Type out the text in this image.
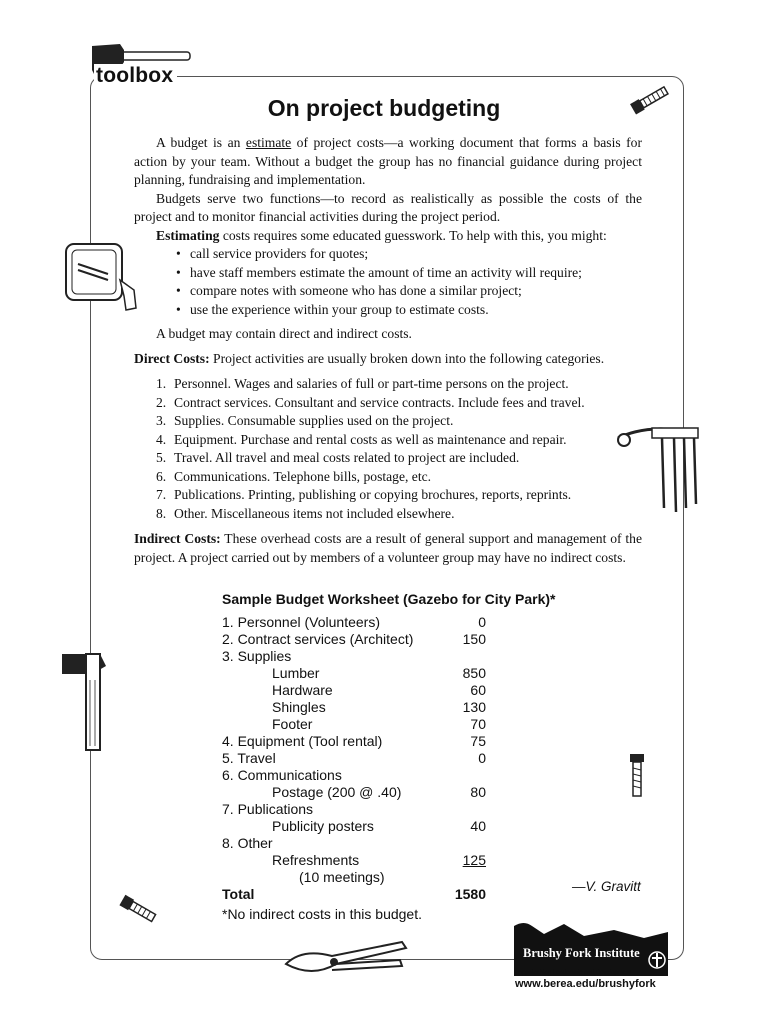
toolbox
On project budgeting

A budget is an estimate of project costs—a working document that forms a basis for action by your team. Without a budget the group has no financial guidance during project planning, fundraising and implementation.

Budgets serve two functions—to record as realistically as possible the costs of the project and to monitor financial activities during the project period.

Estimating costs requires some educated guesswork. To help with this, you might:

• call service providers for quotes;
• have staff members estimate the amount of time an activity will require;
• compare notes with someone who has done a similar project;
• use the experience within your group to estimate costs.

A budget may contain direct and indirect costs.

Direct Costs: Project activities are usually broken down into the following categories.

1. Personnel. Wages and salaries of full or part-time persons on the project.
2. Contract services. Consultant and service contracts. Include fees and travel.
3. Supplies. Consumable supplies used on the project.
4. Equipment. Purchase and rental costs as well as maintenance and repair.
5. Travel. All travel and meal costs related to project are included.
6. Communications. Telephone bills, postage, etc.
7. Publications. Printing, publishing or copying brochures, reports, reprints.
8. Other. Miscellaneous items not included elsewhere.

Indirect Costs: These overhead costs are a result of general support and management of the project. A project carried out by members of a volunteer group may have no indirect costs.

Sample Budget Worksheet (Gazebo for City Park)*
1. Personnel (Volunteers)	0
2. Contract services (Architect)	150
3. Supplies
Lumber	850
Hardware	60
Shingles	130
Footer	70
4. Equipment (Tool rental)	75
5. Travel	0
6. Communications
Postage (200 @ .40)	80
7. Publications
Publicity posters	40
8. Other
Refreshments	125
(10 meetings)
Total	1580
*No indirect costs in this budget.
—V. Gravitt
Brushy Fork Institute
Appalachian Leadership and Development
www.berea.edu/brushyfork
